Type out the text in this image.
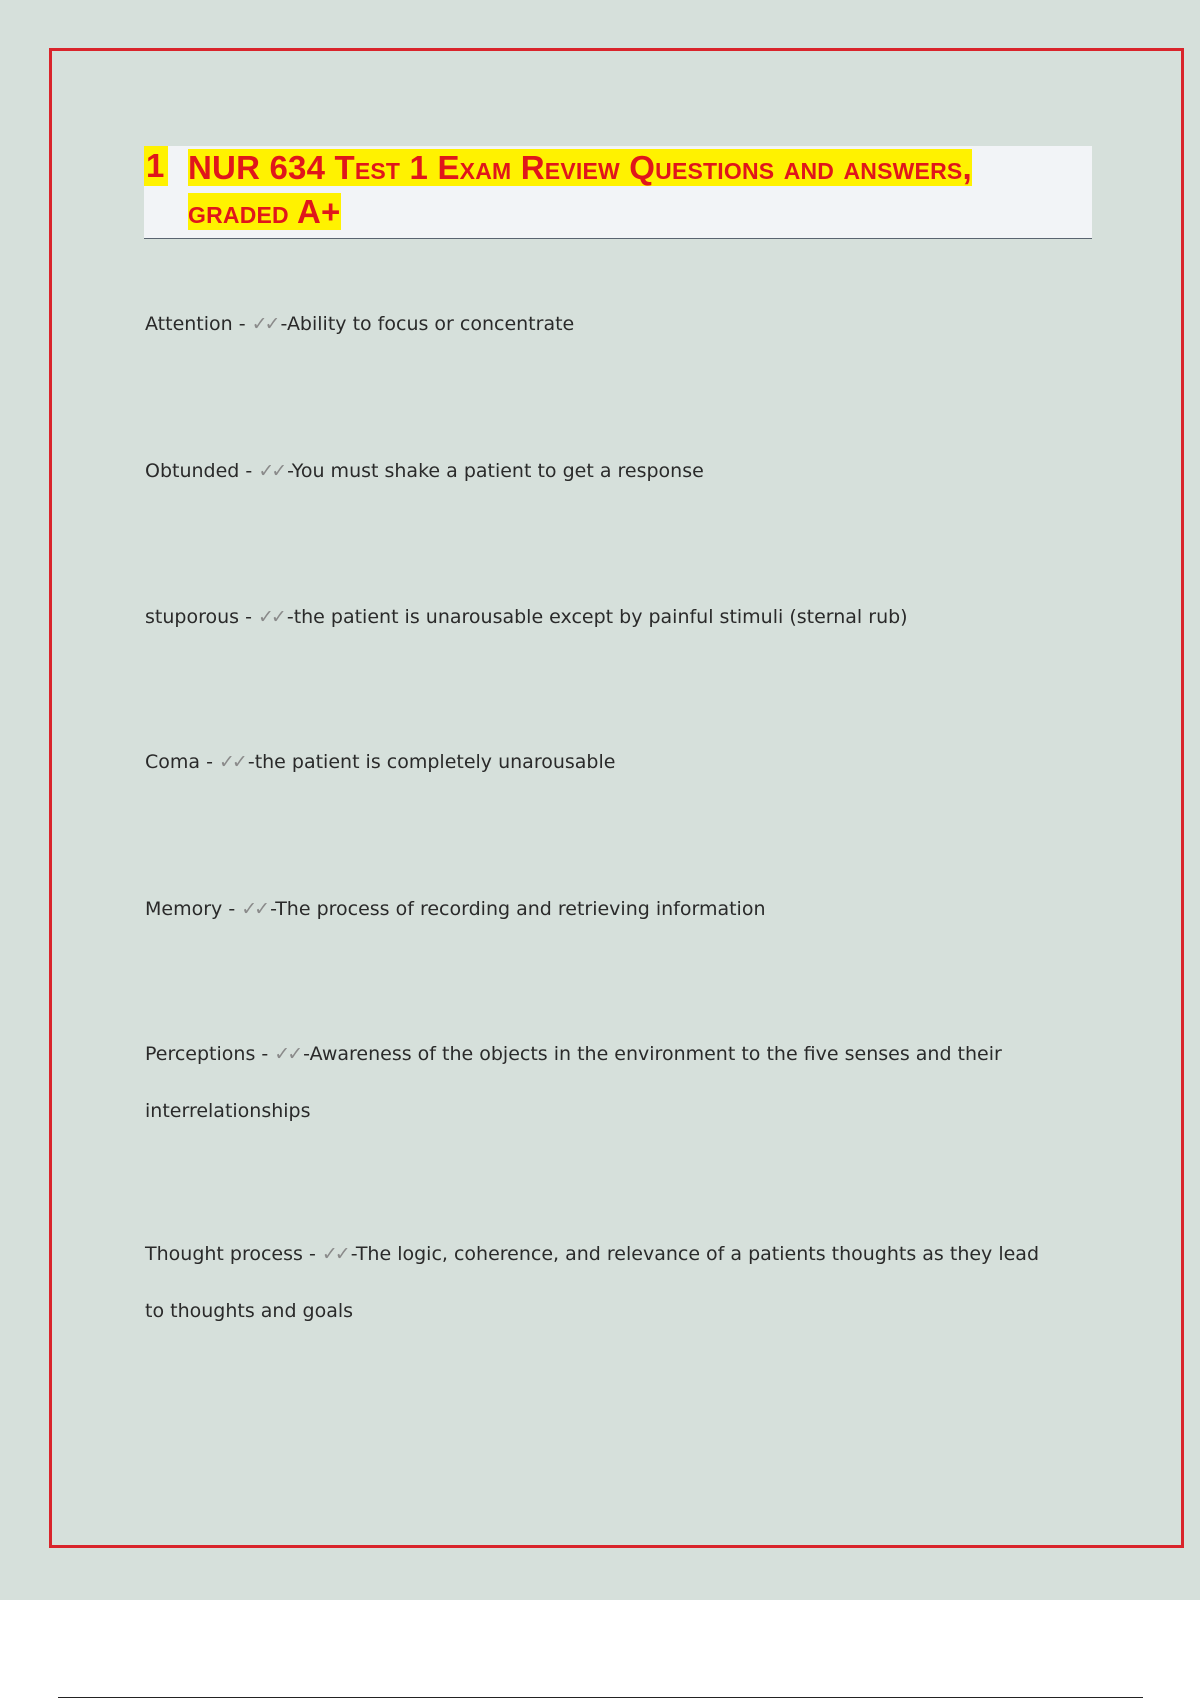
1 NUR 634 Test 1 Exam Review Questions and answers, graded A+
Attention - ✓✓ -Ability to focus or concentrate
Obtunded - ✓✓ -You must shake a patient to get a response
stuporous - ✓✓ -the patient is unarousable except by painful stimuli (sternal rub)
Coma - ✓✓ -the patient is completely unarousable
Memory - ✓✓ -The process of recording and retrieving information
Perceptions - ✓✓ -Awareness of the objects in the environment to the five senses and their interrelationships
Thought process - ✓✓ -The logic, coherence, and relevance of a patients thoughts as they lead to thoughts and goals
